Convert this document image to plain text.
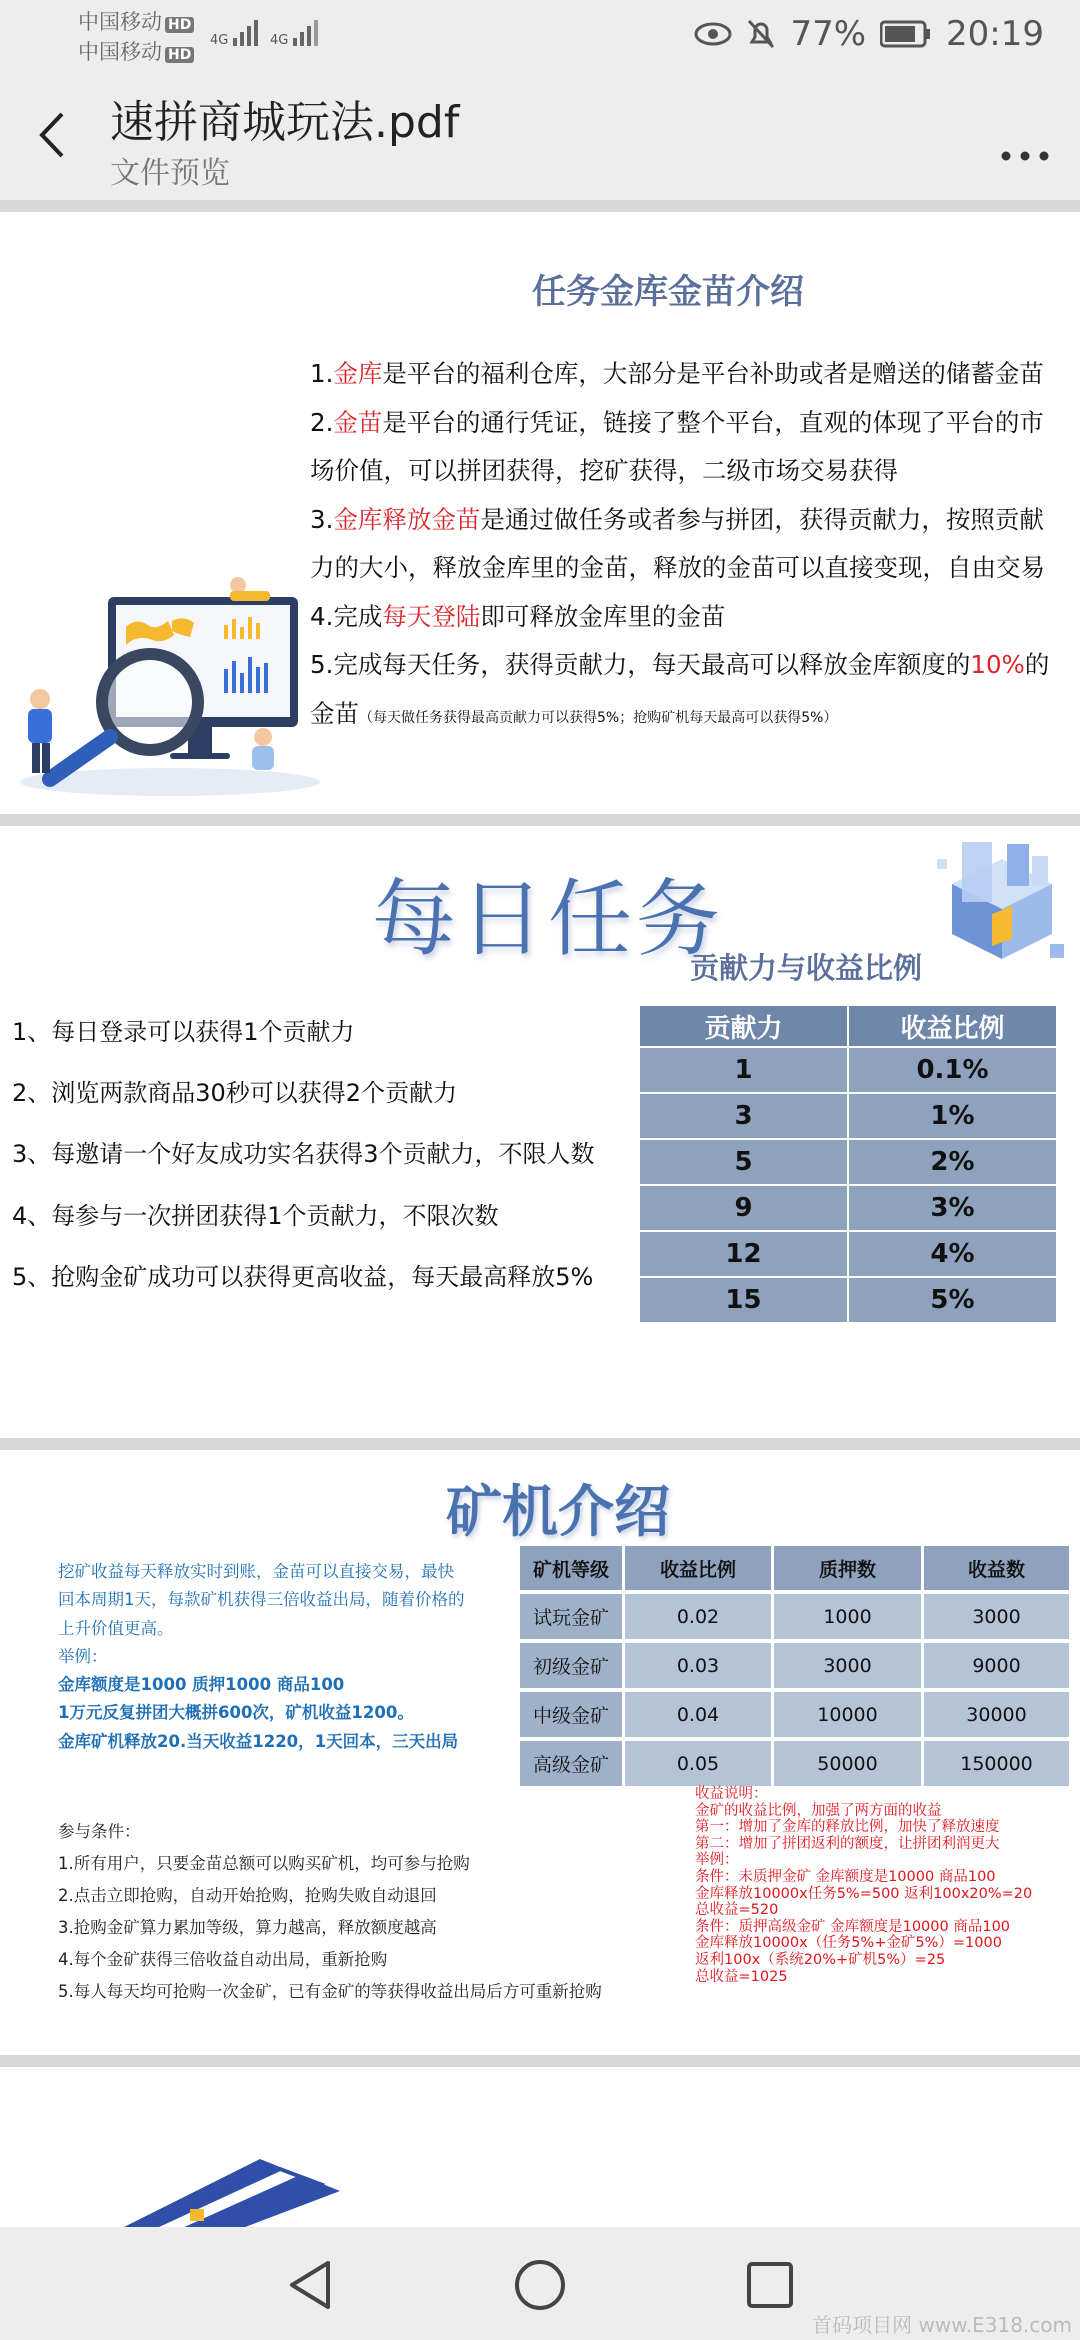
中国移动 HD
中国移动 HD
4G	4G	77% 20:19
速拼商城玩法.pdf
文件预览
任务金库金苗介绍
1.金库是平台的福利仓库，大部分是平台补助或者是赠送的储蓄金苗
2.金苗是平台的通行凭证，链接了整个平台，直观的体现了平台的市场价值，可以拼团获得，挖矿获得，二级市场交易获得
3.金库释放金苗是通过做任务或者参与拼团，获得贡献力，按照贡献力的大小，释放金库里的金苗，释放的金苗可以直接变现，自由交易
4.完成每天登陆即可释放金库里的金苗
5.完成每天任务，获得贡献力，每天最高可以释放金库额度的10%的金苗（每天做任务获得最高贡献力可以获得5%；抢购矿机每天最高可以获得5%）
每日任务
贡献力与收益比例
1、每日登录可以获得1个贡献力
2、浏览两款商品30秒可以获得2个贡献力
3、每邀请一个好友成功实名获得3个贡献力，不限人数
4、每参与一次拼团获得1个贡献力，不限次数
5、抢购金矿成功可以获得更高收益，每天最高释放5%
贡献力	收益比例
1	0.1%
3	1%
5	2%
9	3%
12	4%
15	5%
矿机介绍
挖矿收益每天释放实时到账，金苗可以直接交易，最快
回本周期1天，每款矿机获得三倍收益出局，随着价格的
上升价值更高。
举例：
金库额度是1000 质押1000 商品100
1万元反复拼团大概拼600次，矿机收益1200。
金库矿机释放20.当天收益1220，1天回本，三天出局
矿机等级	收益比例	质押数	收益数
试玩金矿	0.02	1000	3000
初级金矿	0.03	3000	9000
中级金矿	0.04	10000	30000
高级金矿	0.05	50000	150000
参与条件：
1.所有用户，只要金苗总额可以购买矿机，均可参与抢购
2.点击立即抢购，自动开始抢购，抢购失败自动退回
3.抢购金矿算力累加等级，算力越高，释放额度越高
4.每个金矿获得三倍收益自动出局，重新抢购
5.每人每天均可抢购一次金矿，已有金矿的等获得收益出局后方可重新抢购
收益说明：
金矿的收益比例，加强了两方面的收益
第一：增加了金库的释放比例，加快了释放速度
第二：增加了拼团返利的额度，让拼团利润更大
举例：
条件：未质押金矿 金库额度是10000 商品100
金库释放10000x任务5%=500 返利100x20%=20
总收益=520
条件：质押高级金矿 金库额度是10000 商品100
金库释放10000x（任务5%+金矿5%）=1000
返利100x（系统20%+矿机5%）=25
总收益=1025
首码项目网 www.E318.com
